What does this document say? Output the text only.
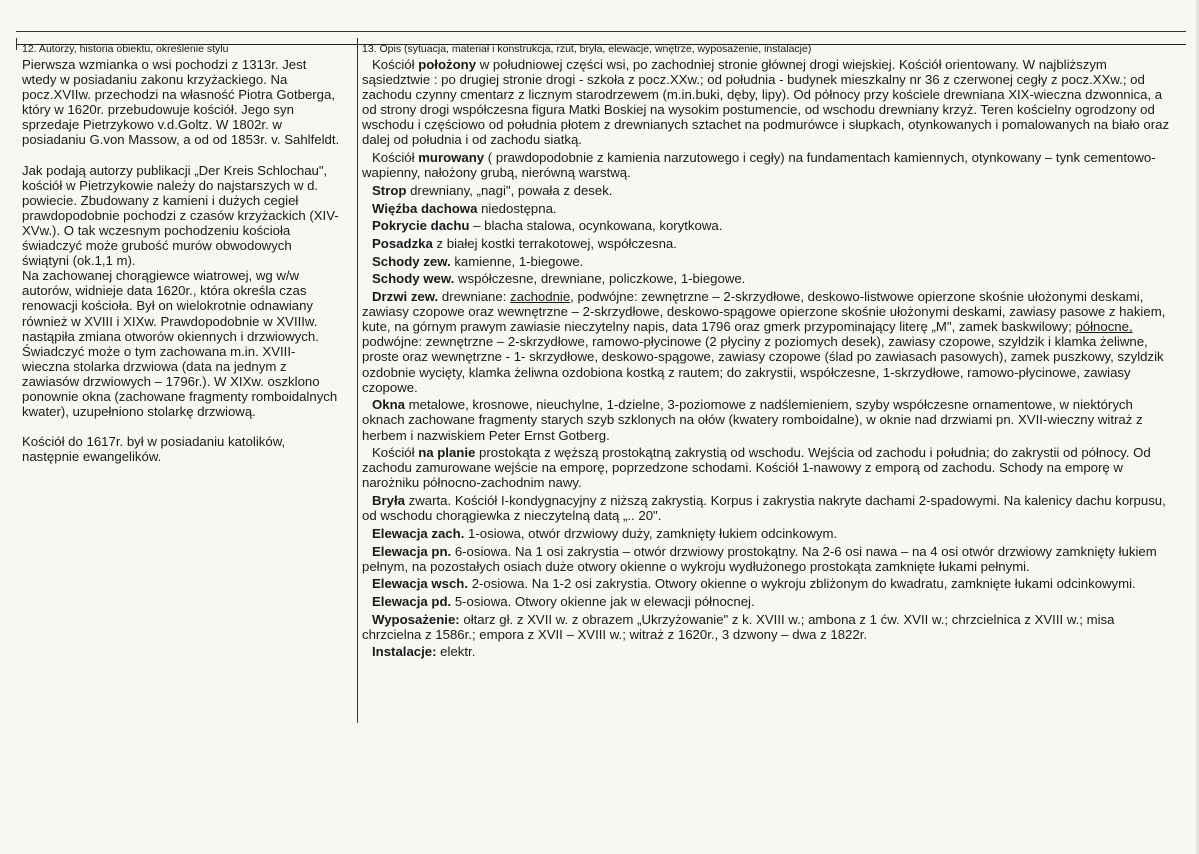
12. Autorzy, historia obiektu, określenie stylu	13. Opis (sytuacja, materiał i konstrukcja, rzut, bryła, elewacje, wnętrze, wyposażenie, instalacje)

Pierwsza wzmianka o wsi pochodzi z 1313r. Jest wtedy w posiadaniu zakonu krzyżackiego. Na pocz.XVIIw. przechodzi na własność Piotra Gotberga, który w 1620r. przebudowuje kościół. Jego syn sprzedaje Pietrzykowo v.d.Goltz. W 1802r. w posiadaniu G.von Massow, a od od 1853r. v. Sahlfeldt.

Jak podają autorzy publikacji „Der Kreis Schlochau", kościół w Pietrzykowie należy do najstarszych w d. powiecie. Zbudowany z kamieni i dużych cegieł prawdopodobnie pochodzi z czasów krzyżackich (XIV-XVw.). O tak wczesnym pochodzeniu kościoła świadczyć może grubość murów obwodowych świątyni (ok.1,1 m).

Na zachowanej chorągiewce wiatrowej, wg w/w autorów, widnieje data 1620r., która określa czas renowacji kościoła. Był on wielokrotnie odnawiany również w XVIII i XIXw. Prawdopodobnie w XVIIIw. nastąpiła zmiana otworów okiennych i drzwiowych. Świadczyć może o tym zachowana m.in. XVIII-wieczna stolarka drzwiowa (data na jednym z zawiasów drzwiowych – 1796r.). W XIXw. oszklono ponownie okna (zachowane fragmenty romboidalnych kwater), uzupełniono stolarkę drzwiową.

Kościół do 1617r. był w posiadaniu katolików, następnie ewangelików.

Kościół położony w południowej części wsi, po zachodniej stronie głównej drogi wiejskiej. Kościół orientowany. W najbliższym sąsiedztwie : po drugiej stronie drogi - szkoła z pocz.XXw.; od południa - budynek mieszkalny nr 36 z czerwonej cegły z pocz.XXw.; od zachodu czynny cmentarz z licznym starodrzewem (m.in.buki, dęby, lipy). Od północy przy kościele drewniana XIX-wieczna dzwonnica, a od strony drogi współczesna figura Matki Boskiej na wysokim postumencie, od wschodu drewniany krzyż. Teren kościelny ogrodzony od wschodu i częściowo od południa płotem z drewnianych sztachet na podmurówce i słupkach, otynkowanych i pomalowanych na biało oraz dalej od południa i od zachodu siatką.

Kościół murowany ( prawdopodobnie z kamienia narzutowego i cegły) na fundamentach kamiennych, otynkowany – tynk cementowo-wapienny, nałożony grubą, nierówną warstwą.

Strop drewniany, „nagi", powała z desek.

Więźba dachowa niedostępna.

Pokrycie dachu – blacha stalowa, ocynkowana, korytkowa.

Posadzka z białej kostki terrakotowej, współczesna.

Schody zew. kamienne, 1-biegowe.

Schody wew. współczesne, drewniane, policzkowe, 1-biegowe.

Drzwi zew. drewniane: zachodnie, podwójne: zewnętrzne – 2-skrzydłowe, deskowo-listwowe opierzone skośnie ułożonymi deskami, zawiasy czopowe oraz wewnętrzne – 2-skrzydłowe, deskowo-spągowe opierzone skośnie ułożonymi deskami, zawiasy pasowe z hakiem, kute, na górnym prawym zawiasie nieczytelny napis, data 1796 oraz gmerk przypominający literę „M", zamek baskwilowy; północne, podwójne: zewnętrzne – 2-skrzydłowe, ramowo-płycinowe (2 płyciny z poziomych desek), zawiasy czopowe, szyldzik i klamka żeliwne, proste oraz wewnętrzne - 1- skrzydłowe, deskowo-spągowe, zawiasy czopowe (ślad po zawiasach pasowych), zamek puszkowy, szyldzik ozdobnie wycięty, klamka żeliwna ozdobiona kostką z rautem; do zakrystii, współczesne, 1-skrzydłowe, ramowo-płycinowe, zawiasy czopowe.

Okna metalowe, krosnowe, nieuchylne, 1-dzielne, 3-poziomowe z nadślemieniem, szyby współczesne ornamentowe, w niektórych oknach zachowane fragmenty starych szyb szklonych na ołów (kwatery romboidalne), w oknie nad drzwiami pn. XVII-wieczny witraż z herbem i nazwiskiem Peter Ernst Gotberg.

Kościół na planie prostokąta z węższą prostokątną zakrystią od wschodu. Wejścia od zachodu i południa; do zakrystii od północy. Od zachodu zamurowane wejście na emporę, poprzedzone schodami. Kościół 1-nawowy z emporą od zachodu. Schody na emporę w narożniku północno-zachodnim nawy.

Bryła zwarta. Kościół I-kondygnacyjny z niższą zakrystią. Korpus i zakrystia nakryte dachami 2-spadowymi. Na kalenicy dachu korpusu, od wschodu chorągiewka z nieczytelną datą „.. 20".

Elewacja zach. 1-osiowa, otwór drzwiowy duży, zamknięty łukiem odcinkowym.

Elewacja pn. 6-osiowa. Na 1 osi zakrystia – otwór drzwiowy prostokątny. Na 2-6 osi nawa – na 4 osi otwór drzwiowy zamknięty łukiem pełnym, na pozostałych osiach duże otwory okienne o wykroju wydłużonego prostokąta zamknięte łukami pełnymi.

Elewacja wsch. 2-osiowa. Na 1-2 osi zakrystia. Otwory okienne o wykroju zbliżonym do kwadratu, zamknięte łukami odcinkowymi.

Elewacja pd. 5-osiowa. Otwory okienne jak w elewacji północnej.

Wyposażenie: ołtarz gł. z XVII w. z obrazem „Ukrzyżowanie" z k. XVIII w.; ambona z 1 ćw. XVII w.; chrzcielnica z XVIII w.; misa chrzcielna z 1586r.; empora z XVII – XVIII w.; witraż z 1620r., 3 dzwony – dwa z 1822r.

Instalacje: elektr.
